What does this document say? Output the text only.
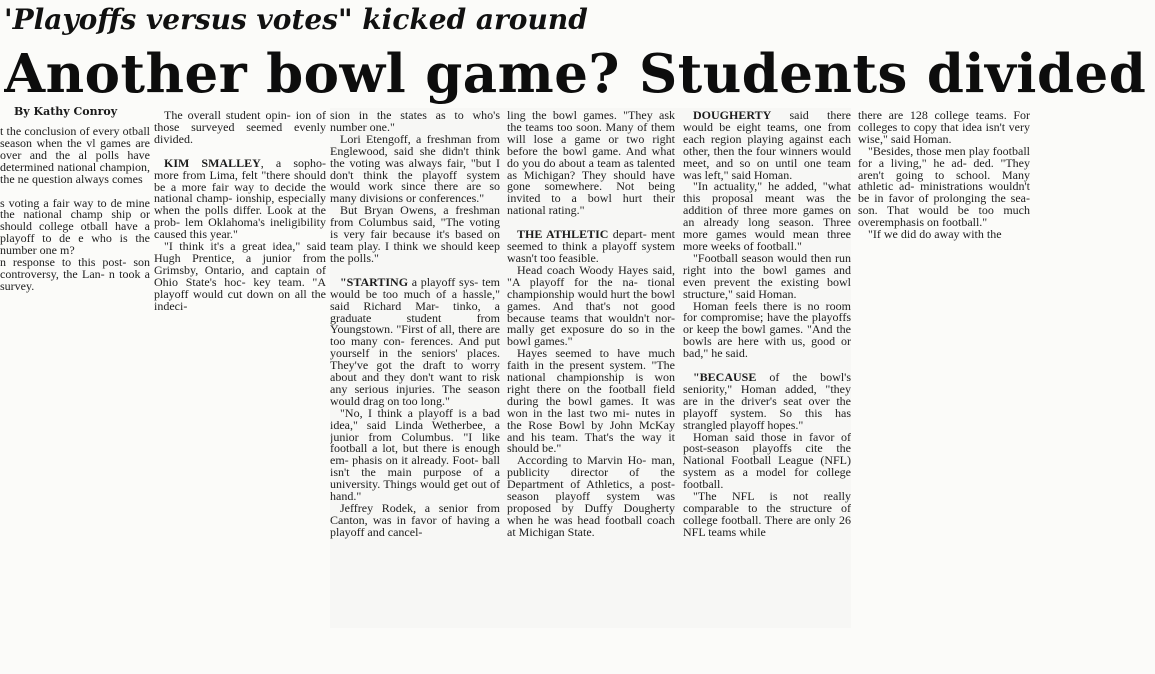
'Playoffs versus votes" kicked around
Another bowl game? Students divided
By Kathy Conroy

t the conclusion of every otball season when the vl games are over and the al polls have determined national champion, the ne question always comes

s voting a fair way to de mine the national champ ship or should college otball have a playoff to de e who is the number one m?

n response to this post- son controversy, the Lan- n took a survey.

The overall student opin- ion of those surveyed seemed evenly divided.

KIM SMALLEY, a sopho- more from Lima, felt "there should be a more fair way to decide the national champ- ionship, especially when the polls differ. Look at the prob- lem Oklahoma's ineligibility caused this year."

"I think it's a great idea," said Hugh Prentice, a junior from Grimsby, Ontario, and captain of Ohio State's hoc- key team. "A playoff would cut down on all the indeci-

sion in the states as to who's number one."

Lori Etengoff, a freshman from Englewood, said she didn't think the voting was always fair, "but I don't think the playoff system would work since there are so many divisions or conferences."

But Bryan Owens, a freshman from Columbus said, "The voting is very fair because it's based on team play. I think we should keep the polls."

"STARTING a playoff sys- tem would be too much of a hassle," said Richard Mar- tinko, a graduate student from Youngstown. "First of all, there are too many con- ferences. And put yourself in the seniors' places. They've got the draft to worry about and they don't want to risk any serious injuries. The season would drag on too long."

"No, I think a playoff is a bad idea," said Linda Wetherbee, a junior from Columbus. "I like football a lot, but there is enough em- phasis on it already. Foot- ball isn't the main purpose of a university. Things would get out of hand."

Jeffrey Rodek, a senior from Canton, was in favor of having a playoff and cancel-

ling the bowl games. "They ask the teams too soon. Many of them will lose a game or two right before the bowl game. And what do you do about a team as talented as Michigan? They should have gone somewhere. Not being invited to a bowl hurt their national rating."

THE ATHLETIC depart- ment seemed to think a playoff system wasn't too feasible.

Head coach Woody Hayes said, "A playoff for the na- tional championship would hurt the bowl games. And that's not good because teams that wouldn't nor- mally get exposure do so in the bowl games."

Hayes seemed to have much faith in the present system. "The national championship is won right there on the football field during the bowl games. It was won in the last two mi- nutes in the Rose Bowl by John McKay and his team. That's the way it should be."

According to Marvin Ho- man, publicity director of the Department of Athletics, a post-season playoff system was proposed by Duffy Dougherty when he was head football coach at Michigan State.

DOUGHERTY said there would be eight teams, one from each region playing against each other, then the four winners would meet, and so on until one team was left," said Homan.

"In actuality," he added, "what this proposal meant was the addition of three more games on an already long season. Three more games would mean three more weeks of football."

"Football season would then run right into the bowl games and even prevent the existing bowl structure," said Homan.

Homan feels there is no room for compromise; have the playoffs or keep the bowl games. "And the bowls are here with us, good or bad," he said.

"BECAUSE of the bowl's seniority," Homan added, "they are in the driver's seat over the playoff system. So this has strangled playoff hopes."

Homan said those in favor of post-season playoffs cite the National Football League (NFL) system as a model for college football.

"The NFL is not really comparable to the structure of college football. There are only 26 NFL teams while

there are 128 college teams. For colleges to copy that idea isn't very wise," said Homan.

"Besides, those men play football for a living," he ad- ded. "They aren't going to school. Many athletic ad- ministrations wouldn't be in favor of prolonging the sea- son. That would be too much overemphasis on football."

"If we did do away with the
